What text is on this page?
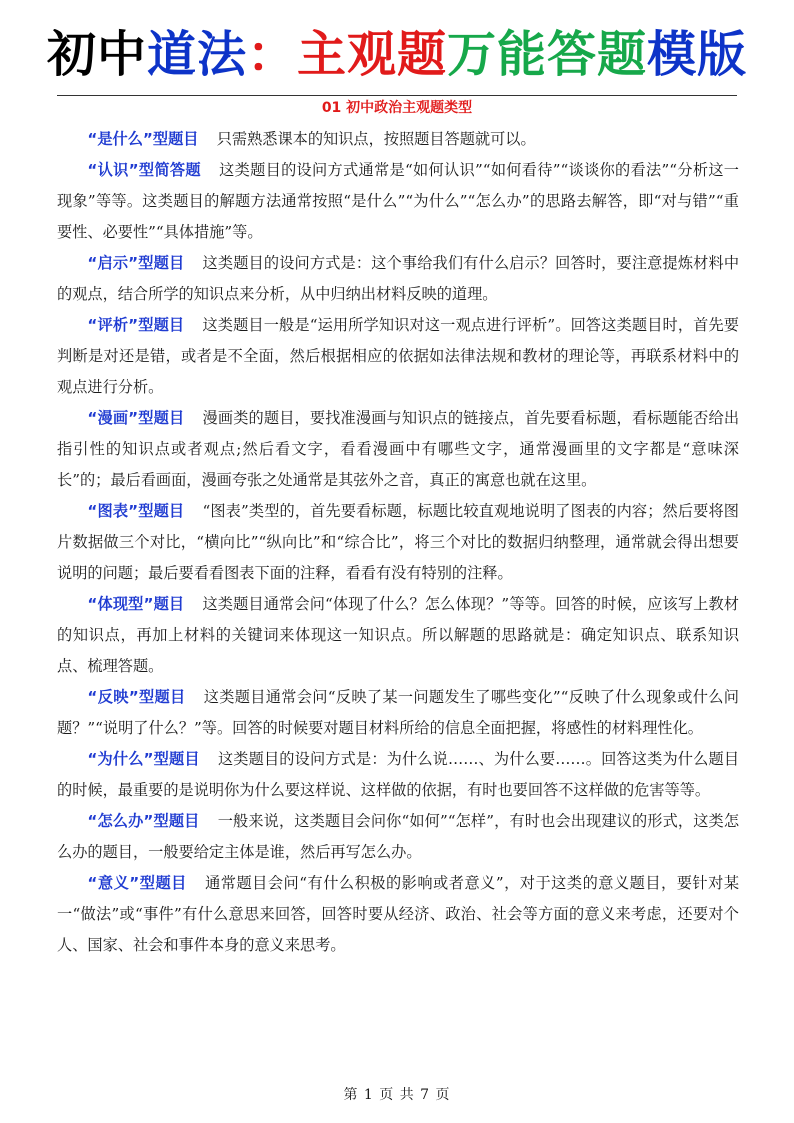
初中道法：主观题万能答题模版
01 初中政治主观题类型

“是什么”型题目 只需熟悉课本的知识点，按照题目答题就可以。

“认识”型简答题 这类题目的设问方式通常是“如何认识”“如何看待”“谈谈你的看法”“分析这一现象”等等。这类题目的解题方法通常按照“是什么”“为什么”“怎么办”的思路去解答，即“对与错”“重要性、必要性”“具体措施”等。

“启示”型题目 这类题目的设问方式是：这个事给我们有什么启示？回答时，要注意提炼材料中的观点，结合所学的知识点来分析，从中归纳出材料反映的道理。

“评析”型题目 这类题目一般是“运用所学知识对这一观点进行评析”。回答这类题目时，首先要判断是对还是错，或者是不全面，然后根据相应的依据如法律法规和教材的理论等，再联系材料中的观点进行分析。

“漫画”型题目 漫画类的题目，要找准漫画与知识点的链接点，首先要看标题，看标题能否给出指引性的知识点或者观点;然后看文字，看看漫画中有哪些文字，通常漫画里的文字都是“意味深长”的；最后看画面，漫画夸张之处通常是其弦外之音，真正的寓意也就在这里。

“图表”型题目 “图表”类型的，首先要看标题，标题比较直观地说明了图表的内容；然后要将图片数据做三个对比，“横向比”“纵向比”和“综合比”，将三个对比的数据归纳整理，通常就会得出想要说明的问题；最后要看看图表下面的注释，看看有没有特别的注释。

“体现型”题目 这类题目通常会问“体现了什么？怎么体现？”等等。回答的时候，应该写上教材的知识点，再加上材料的关键词来体现这一知识点。所以解题的思路就是：确定知识点、联系知识点、梳理答题。

“反映”型题目 这类题目通常会问“反映了某一问题发生了哪些变化”“反映了什么现象或什么问题？”“说明了什么？”等。回答的时候要对题目材料所给的信息全面把握，将感性的材料理性化。

“为什么”型题目 这类题目的设问方式是：为什么说……、为什么要……。回答这类为什么题目的时候，最重要的是说明你为什么要这样说、这样做的依据，有时也要回答不这样做的危害等等。

“怎么办”型题目 一般来说，这类题目会问你“如何”“怎样”，有时也会出现建议的形式，这类怎么办的题目，一般要给定主体是谁，然后再写怎么办。

“意义”型题目 通常题目会问“有什么积极的影响或者意义”，对于这类的意义题目，要针对某一“做法”或“事件”有什么意思来回答，回答时要从经济、政治、社会等方面的意义来考虑，还要对个人、国家、社会和事件本身的意义来思考。

第 1 页 共 7 页
